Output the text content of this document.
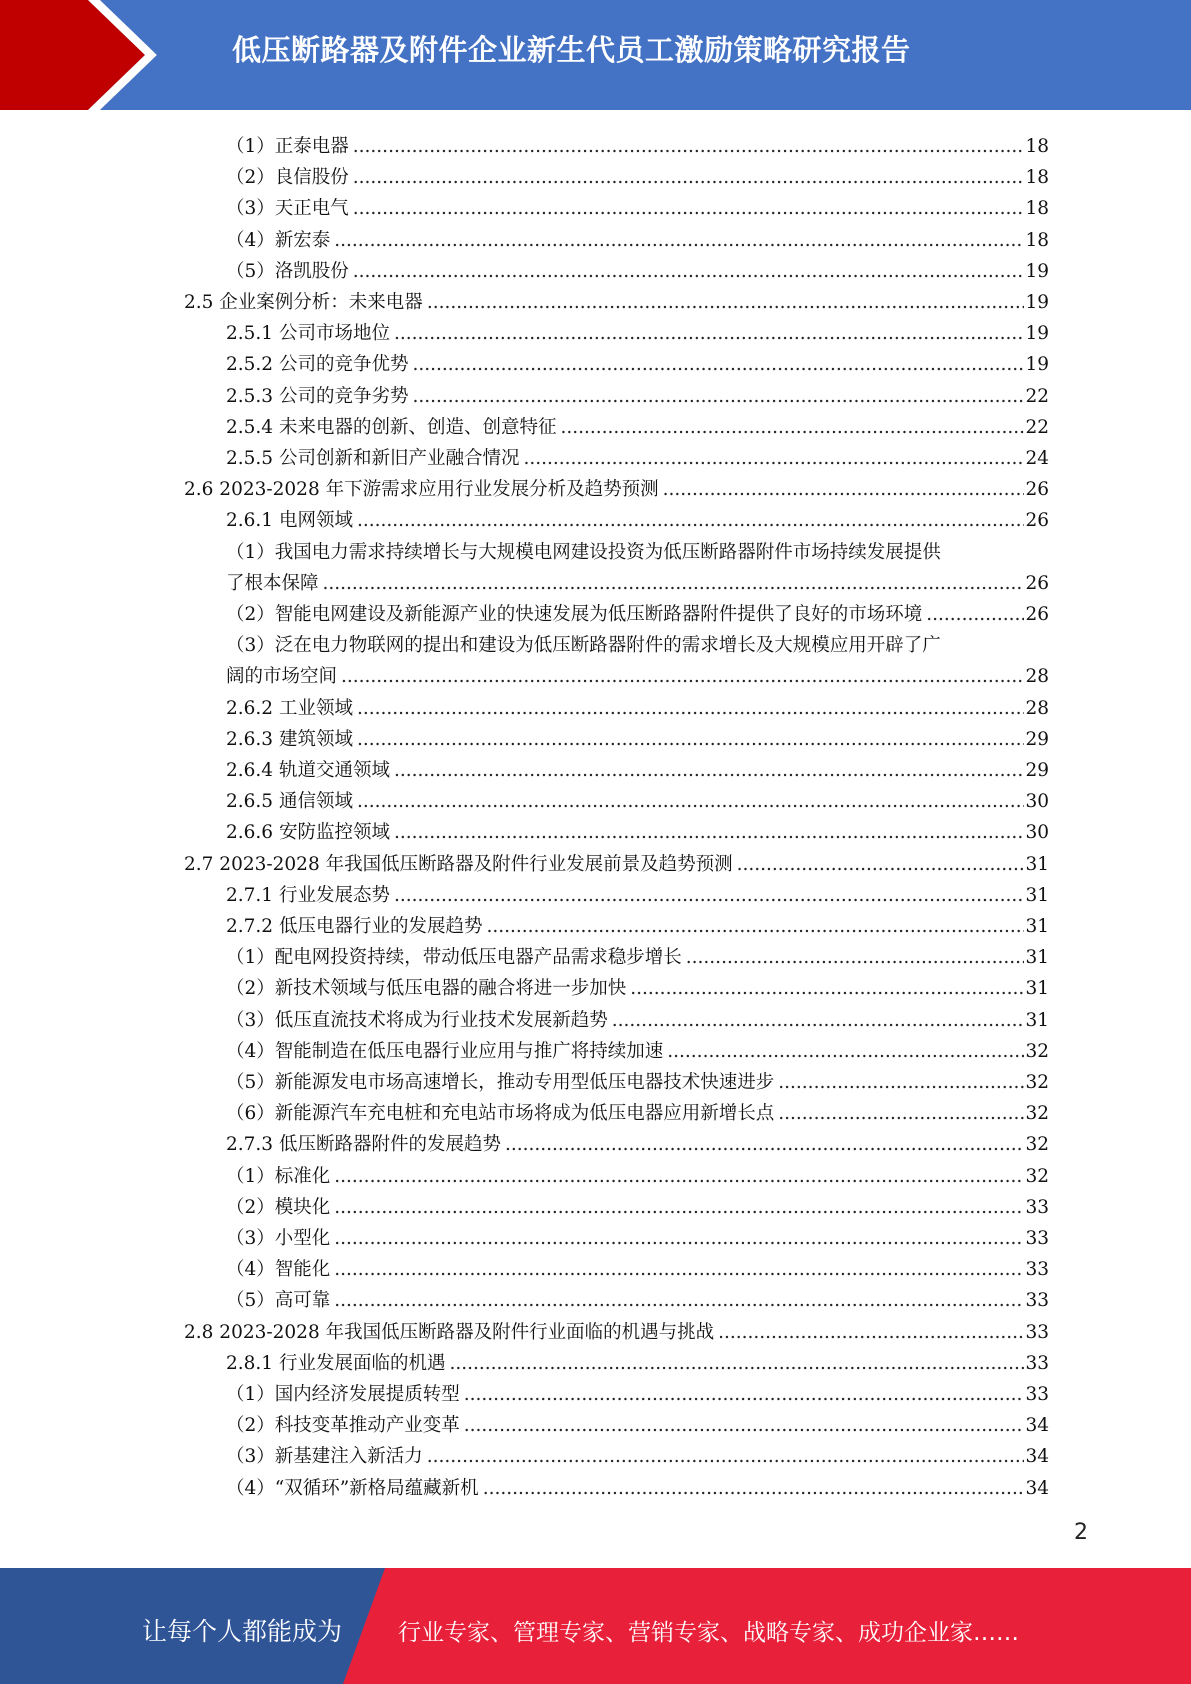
低压断路器及附件企业新生代员工激励策略研究报告
（1）正泰电器 .....	18
（2）良信股份 .....	18
（3）天正电气 .....	18
（4）新宏泰 .....	18
（5）洛凯股份 .....	19
2.5 企业案例分析：未来电器 .....	19
2.5.1 公司市场地位 .....	19
2.5.2 公司的竞争优势 .....	19
2.5.3 公司的竞争劣势 .....	22
2.5.4 未来电器的创新、创造、创意特征 .....	22
2.5.5 公司创新和新旧产业融合情况 .....	24
2.6 2023-2028 年下游需求应用行业发展分析及趋势预测 .....	26
2.6.1 电网领域 .....	26
（1）我国电力需求持续增长与大规模电网建设投资为低压断路器附件市场持续发展提供
了根本保障 .....	26
（2）智能电网建设及新能源产业的快速发展为低压断路器附件提供了良好的市场环境 .....	26
（3）泛在电力物联网的提出和建设为低压断路器附件的需求增长及大规模应用开辟了广
阔的市场空间 .....	28
2.6.2 工业领域 .....	28
2.6.3 建筑领域 .....	29
2.6.4 轨道交通领域 .....	29
2.6.5 通信领域 .....	30
2.6.6 安防监控领域 .....	30
2.7 2023-2028 年我国低压断路器及附件行业发展前景及趋势预测 .....	31
2.7.1 行业发展态势 .....	31
2.7.2 低压电器行业的发展趋势 .....	31
（1）配电网投资持续，带动低压电器产品需求稳步增长 .....	31
（2）新技术领域与低压电器的融合将进一步加快 .....	31
（3）低压直流技术将成为行业技术发展新趋势 .....	31
（4）智能制造在低压电器行业应用与推广将持续加速 .....	32
（5）新能源发电市场高速增长，推动专用型低压电器技术快速进步 .....	32
（6）新能源汽车充电桩和充电站市场将成为低压电器应用新增长点 .....	32
2.7.3 低压断路器附件的发展趋势 .....	32
（1）标准化 .....	32
（2）模块化 .....	33
（3）小型化 .....	33
（4）智能化 .....	33
（5）高可靠 .....	33
2.8 2023-2028 年我国低压断路器及附件行业面临的机遇与挑战 .....	33
2.8.1 行业发展面临的机遇 .....	33
（1）国内经济发展提质转型 .....	33
（2）科技变革推动产业变革 .....	34
（3）新基建注入新活力 .....	34
（4）“双循环”新格局蕴藏新机 .....	34
2
让每个人都能成为 行业专家、管理专家、营销专家、战略专家、成功企业家……
